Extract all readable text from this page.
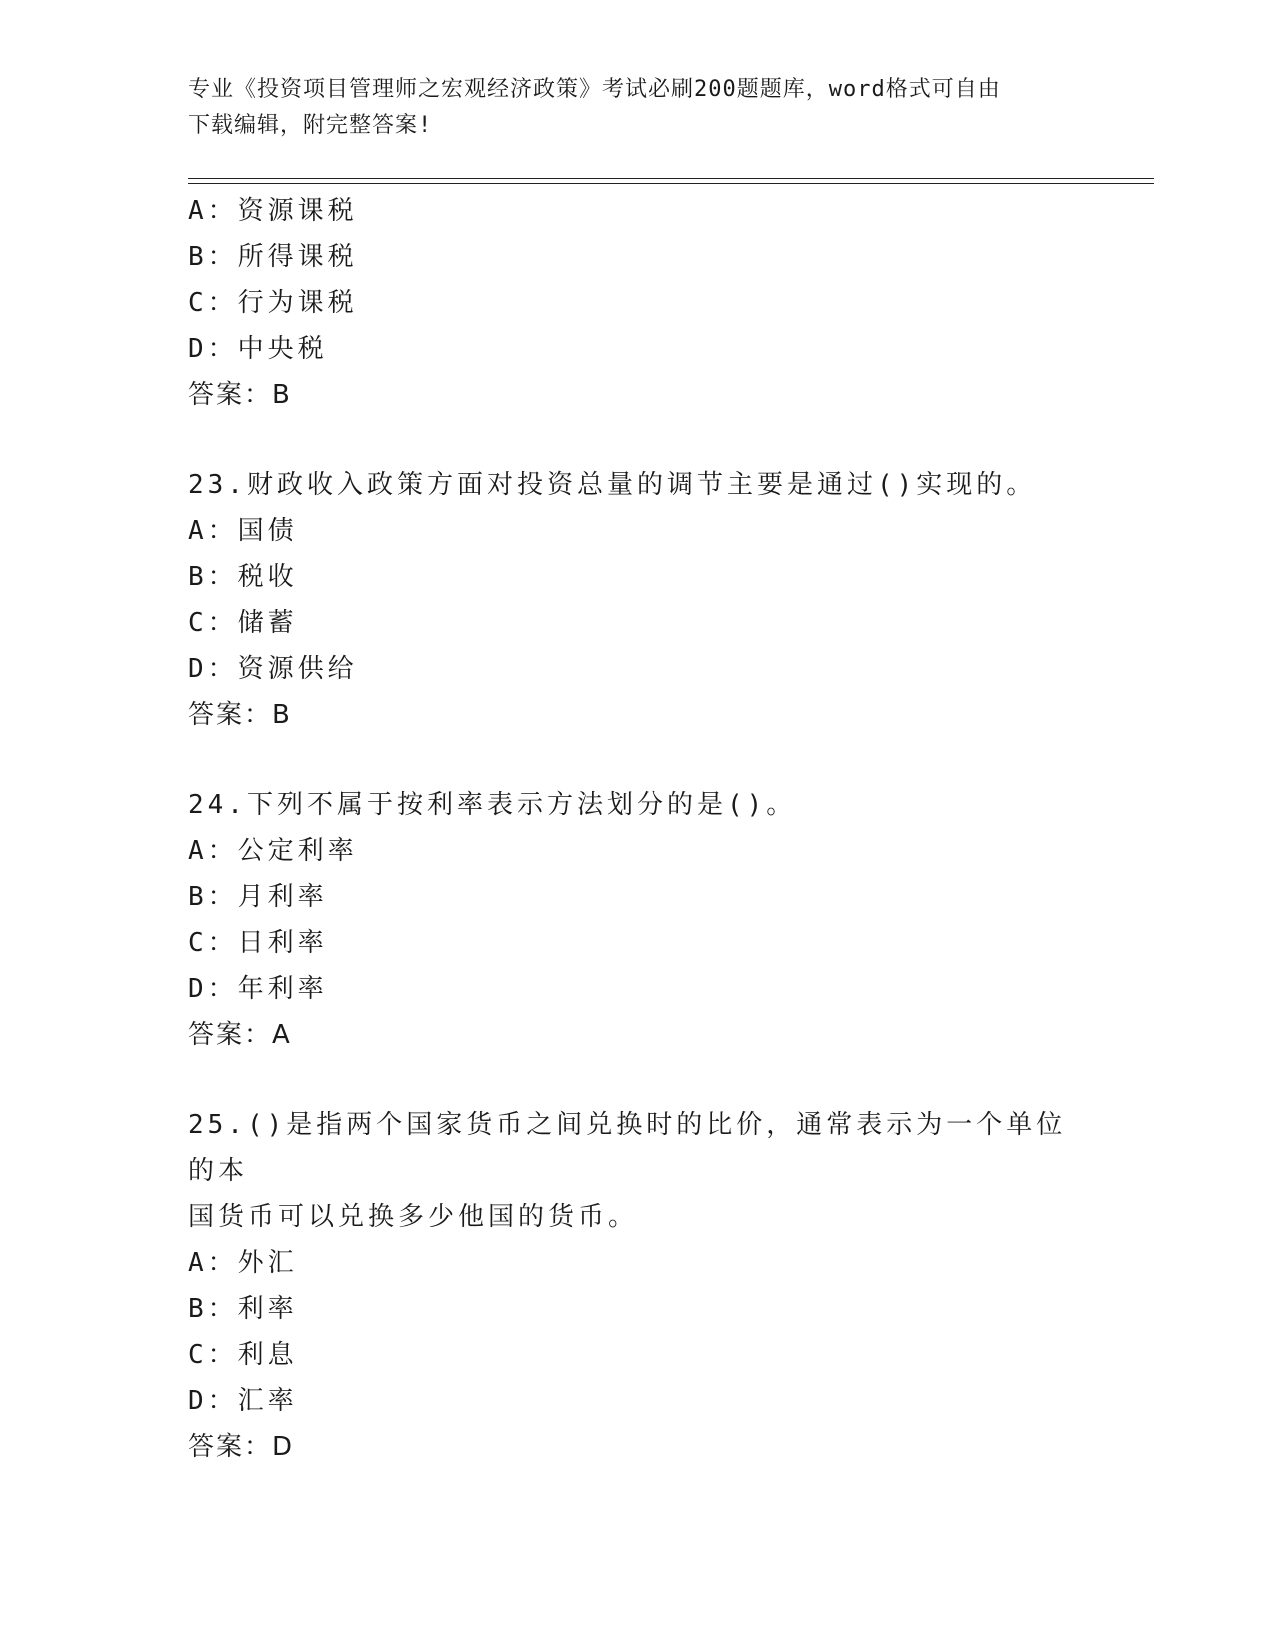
专业《投资项目管理师之宏观经济政策》考试必刷200题题库，word格式可自由
下载编辑，附完整答案!
A：资源课税
B：所得课税
C：行为课税
D：中央税
答案：B
23.财政收入政策方面对投资总量的调节主要是通过()实现的。
A：国债
B：税收
C：储蓄
D：资源供给
答案：B
24.下列不属于按利率表示方法划分的是()。
A：公定利率
B：月利率
C：日利率
D：年利率
答案：A
25.()是指两个国家货币之间兑换时的比价，通常表示为一个单位的本
国货币可以兑换多少他国的货币。
A：外汇
B：利率
C：利息
D：汇率
答案：D
